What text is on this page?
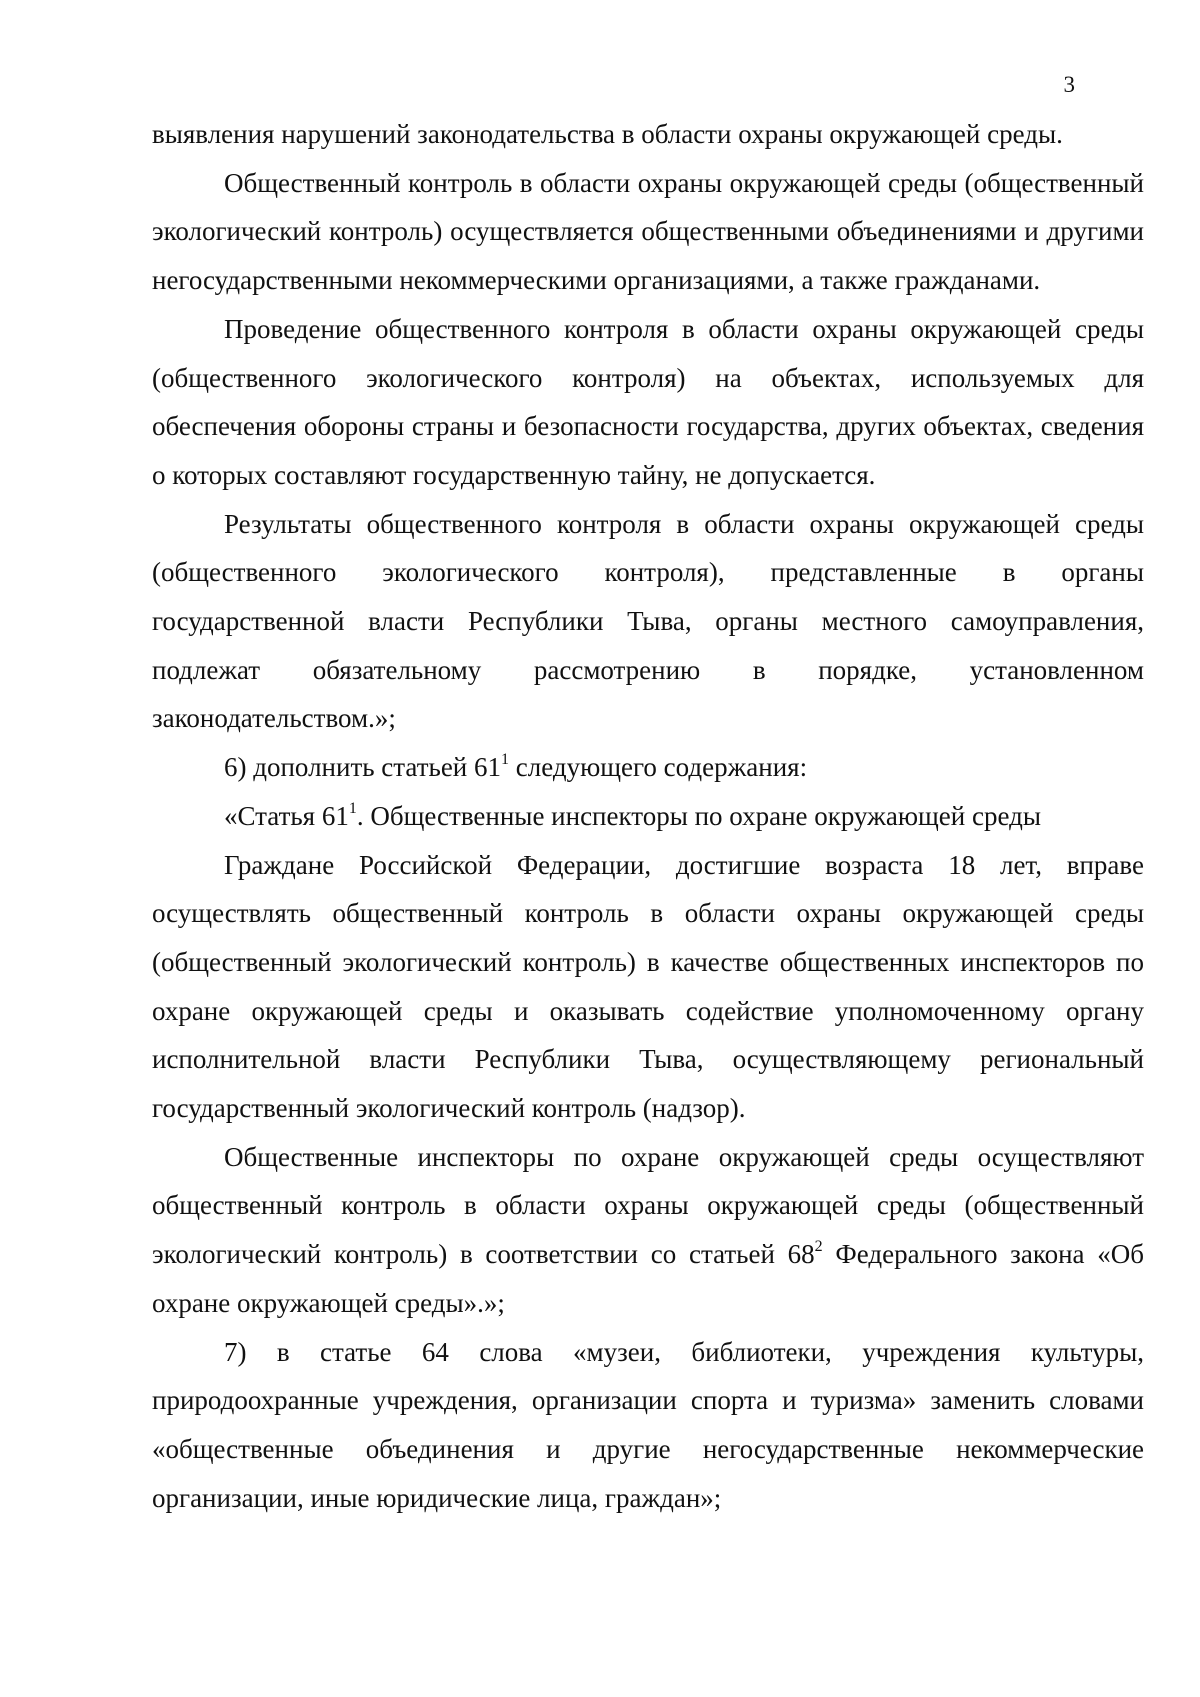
3

выявления нарушений законодательства в области охраны окружающей среды.

Общественный контроль в области охраны окружающей среды (общественный экологический контроль) осуществляется общественными объединениями и другими негосударственными некоммерческими организациями, а также гражданами.

Проведение общественного контроля в области охраны окружающей среды (общественного экологического контроля) на объектах, используемых для обеспечения обороны страны и безопасности государства, других объектах, сведения о которых составляют государственную тайну, не допускается.

Результаты общественного контроля в области охраны окружающей среды (общественного экологического контроля), представленные в органы государственной власти Республики Тыва, органы местного самоуправления, подлежат обязательному рассмотрению в порядке, установленном законодательством.»;

6) дополнить статьей $61^1$ следующего содержания:

«Статья $61^1$. Общественные инспекторы по охране окружающей среды

Граждане Российской Федерации, достигшие возраста 18 лет, вправе осуществлять общественный контроль в области охраны окружающей среды (общественный экологический контроль) в качестве общественных инспекторов по охране окружающей среды и оказывать содействие уполномоченному органу исполнительной власти Республики Тыва, осуществляющему региональный государственный экологический контроль (надзор).

Общественные инспекторы по охране окружающей среды осуществляют общественный контроль в области охраны окружающей среды (общественный экологический контроль) в соответствии со статьей $68^2$ Федерального закона «Об охране окружающей среды».»;

7) в статье 64 слова «музеи, библиотеки, учреждения культуры, природоохранные учреждения, организации спорта и туризма» заменить словами «общественные объединения и другие негосударственные некоммерческие организации, иные юридические лица, граждан»;
